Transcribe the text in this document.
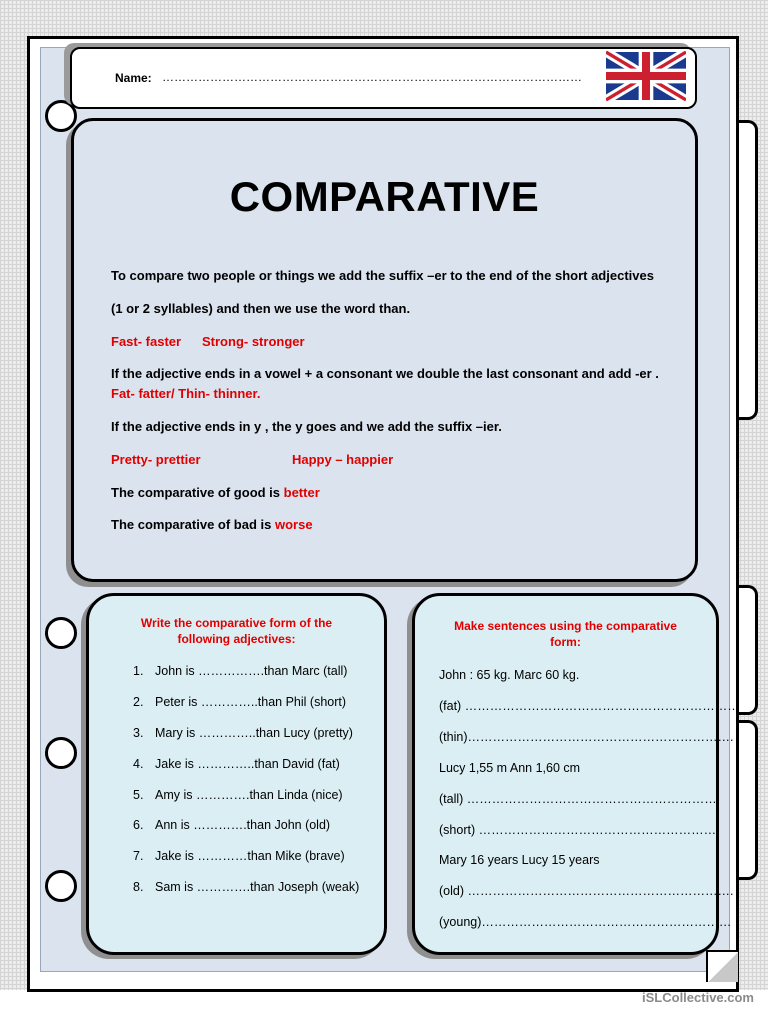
Name: ……………………………………………………………………………………………
COMPARATIVE
To compare two people or things we add the suffix –er to the end of the short adjectives
(1 or 2 syllables) and then we use the word than.
Fast- faster Strong- stronger
If the adjective ends in a vowel + a consonant we double the last consonant and add -er .
Fat- fatter/ Thin- thinner.
If the adjective ends in y , the y goes and we add the suffix –ier.
Pretty- prettier	Happy – happier
The comparative of good is better
The comparative of bad is worse
Write the comparative form of the
following adjectives:
1. John is …………….than Marc (tall)
2. Peter is …………..than Phil (short)
3. Mary is …………..than Lucy (pretty)
4. Jake is …………..than David (fat)
5. Amy is ………….than Linda (nice)
6. Ann is ………….than John (old)
7. Jake is …………than Mike (brave)
8. Sam is ………….than Joseph (weak)
Make sentences using the comparative
form:
John : 65 kg. Marc 60 kg.
(fat) …………………………………………………………
(thin)……………………………………………………….
Lucy 1,55 m Ann 1,60 cm
(tall) ……………………………………………………
(short) ………………………………………………….
Mary 16 years Lucy 15 years
(old) ……………………………………………………….
(young)……………………………………………………
iSLCollective.com
